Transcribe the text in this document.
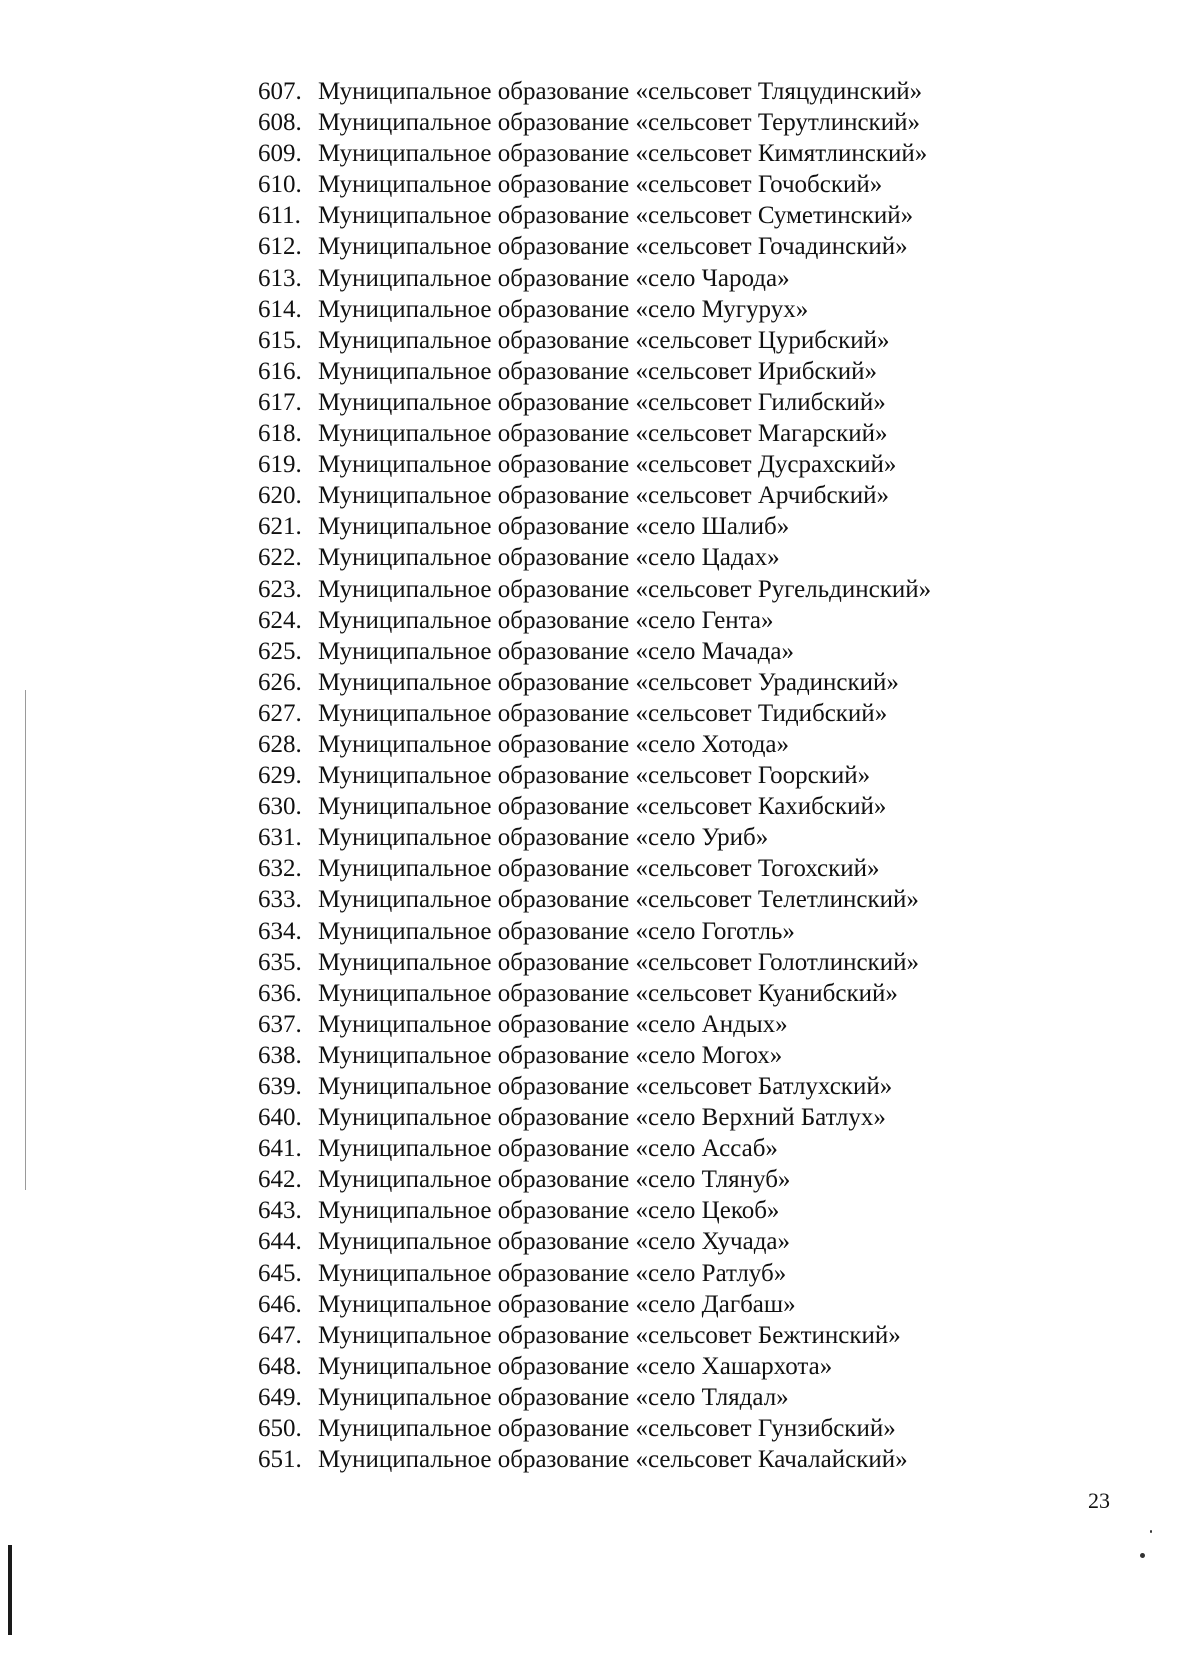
607. Муниципальное образование «сельсовет Тляцудинский»
608. Муниципальное образование «сельсовет Терутлинский»
609. Муниципальное образование «сельсовет Кимятлинский»
610. Муниципальное образование «сельсовет Гочобский»
611. Муниципальное образование «сельсовет Суметинский»
612. Муниципальное образование «сельсовет Гочадинский»
613. Муниципальное образование «село Чарода»
614. Муниципальное образование «село Мугурух»
615. Муниципальное образование «сельсовет Цурибский»
616. Муниципальное образование «сельсовет Ирибский»
617. Муниципальное образование «сельсовет Гилибский»
618. Муниципальное образование «сельсовет Магарский»
619. Муниципальное образование «сельсовет Дусрахский»
620. Муниципальное образование «сельсовет Арчибский»
621. Муниципальное образование «село Шалиб»
622. Муниципальное образование «село Цадах»
623. Муниципальное образование «сельсовет Ругельдинский»
624. Муниципальное образование «село Гента»
625. Муниципальное образование «село Мачада»
626. Муниципальное образование «сельсовет Урадинский»
627. Муниципальное образование «сельсовет Тидибский»
628. Муниципальное образование «село Хотода»
629. Муниципальное образование «сельсовет Гоорский»
630. Муниципальное образование «сельсовет Кахибский»
631. Муниципальное образование «село Уриб»
632. Муниципальное образование «сельсовет Тогохский»
633. Муниципальное образование «сельсовет Телетлинский»
634. Муниципальное образование «село Гоготль»
635. Муниципальное образование «сельсовет Голотлинский»
636. Муниципальное образование «сельсовет Куанибский»
637. Муниципальное образование «село Андых»
638. Муниципальное образование «село Могох»
639. Муниципальное образование «сельсовет Батлухский»
640. Муниципальное образование «село Верхний Батлух»
641. Муниципальное образование «село Ассаб»
642. Муниципальное образование «село Тлянуб»
643. Муниципальное образование «село Цекоб»
644. Муниципальное образование «село Хучада»
645. Муниципальное образование «село Ратлуб»
646. Муниципальное образование «село Дагбаш»
647. Муниципальное образование «сельсовет Бежтинский»
648. Муниципальное образование «село Хашархота»
649. Муниципальное образование «село Тлядал»
650. Муниципальное образование «сельсовет Гунзибский»
651. Муниципальное образование «сельсовет Качалайский»
23
